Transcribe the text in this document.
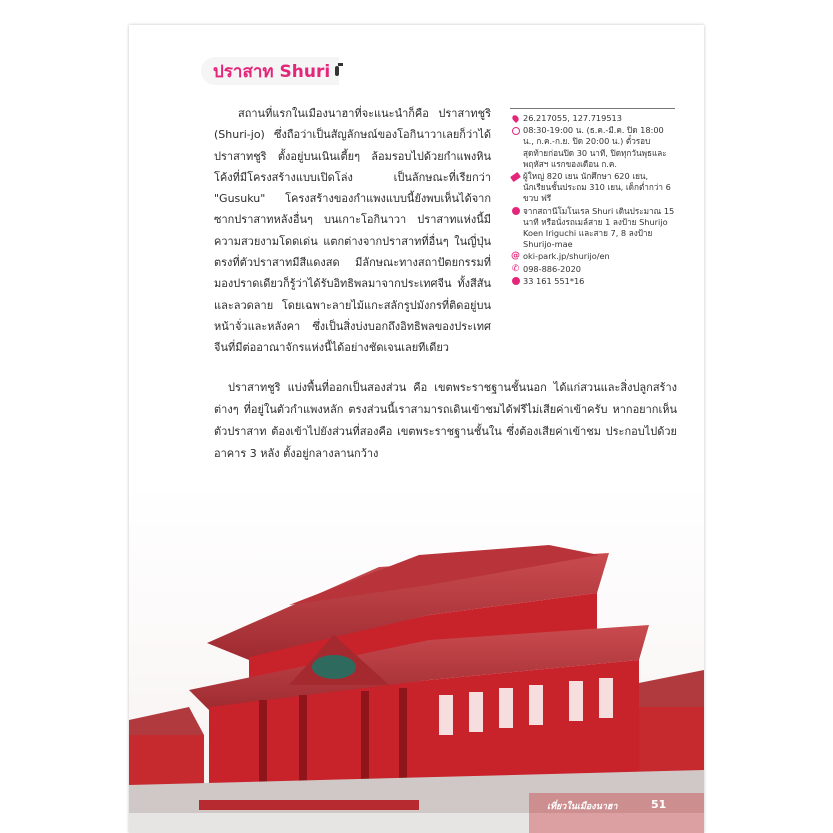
ปราสาท Shuri

สถานที่แรกในเมืองนาฮาที่จะแนะนำก็คือ ปราสาทชูริ (Shuri-jo) ซึ่งถือว่าเป็นสัญลักษณ์ของโอกินาวาเลยก็ว่าได้ ปราสาทชูริ ตั้งอยู่บนเนินเตี้ยๆ ล้อมรอบไปด้วยกำแพงหินโค้งที่มีโครงสร้างแบบเปิดโล่ง เป็นลักษณะที่เรียกว่า "Gusuku" โครงสร้างของกำแพงแบบนี้ยังพบเห็นได้จากซากปราสาทหลังอื่นๆ บนเกาะโอกินาวา ปราสาทแห่งนี้มีความสวยงามโดดเด่น แตกต่างจากปราสาทที่อื่นๆ ในญี่ปุ่น ตรงที่ตัวปราสาทมีสีแดงสด มีลักษณะทางสถาปัตยกรรมที่มองปราดเดียวก็รู้ว่าได้รับอิทธิพลมาจากประเทศจีน ทั้งสีสันและลวดลาย โดยเฉพาะลายไม้แกะสลักรูปมังกรที่ติดอยู่บนหน้าจั่วและหลังคา ซึ่งเป็นสิ่งบ่งบอกถึงอิทธิพลของประเทศจีนที่มีต่ออาณาจักรแห่งนี้ได้อย่างชัดเจนเลยทีเดียว

26.217055, 127.719513
08:30-19:00 น. (ธ.ค.-มี.ค. ปิด 18:00 น., ก.ค.-ก.ย. ปิด 20:00 น.) ตั๋วรอบสุดท้ายก่อนปิด 30 นาที, ปิดทุกวันพุธและพฤหัสฯ แรกของเดือน ก.ค.
ผู้ใหญ่ 820 เยน นักศึกษา 620 เยน, นักเรียนชั้นประถม 310 เยน, เด็กต่ำกว่า 6 ขวบ ฟรี
จากสถานีโมโนเรล Shuri เดินประมาณ 15 นาที หรือนั่งรถเมล์สาย 1 ลงป้าย Shurijo Koen Iriguchi และสาย 7, 8 ลงป้าย Shurijo-mae
@ oki-park.jp/shurijo/en
✆ 098-886-2020
33 161 551*16

ปราสาทชูริ แบ่งพื้นที่ออกเป็นสองส่วน คือ เขตพระราชฐานชั้นนอก ได้แก่สวนและสิ่งปลูกสร้างต่างๆ ที่อยู่ในตัวกำแพงหลัก ตรงส่วนนี้เราสามารถเดินเข้าชมได้ฟรีไม่เสียค่าเข้าครับ หากอยากเห็นตัวปราสาท ต้องเข้าไปยังส่วนที่สองคือ เขตพระราชฐานชั้นใน ซึ่งต้องเสียค่าเข้าชม ประกอบไปด้วยอาคาร 3 หลัง ตั้งอยู่กลางลานกว้าง

เที่ยวในเมืองนาฮา	51
